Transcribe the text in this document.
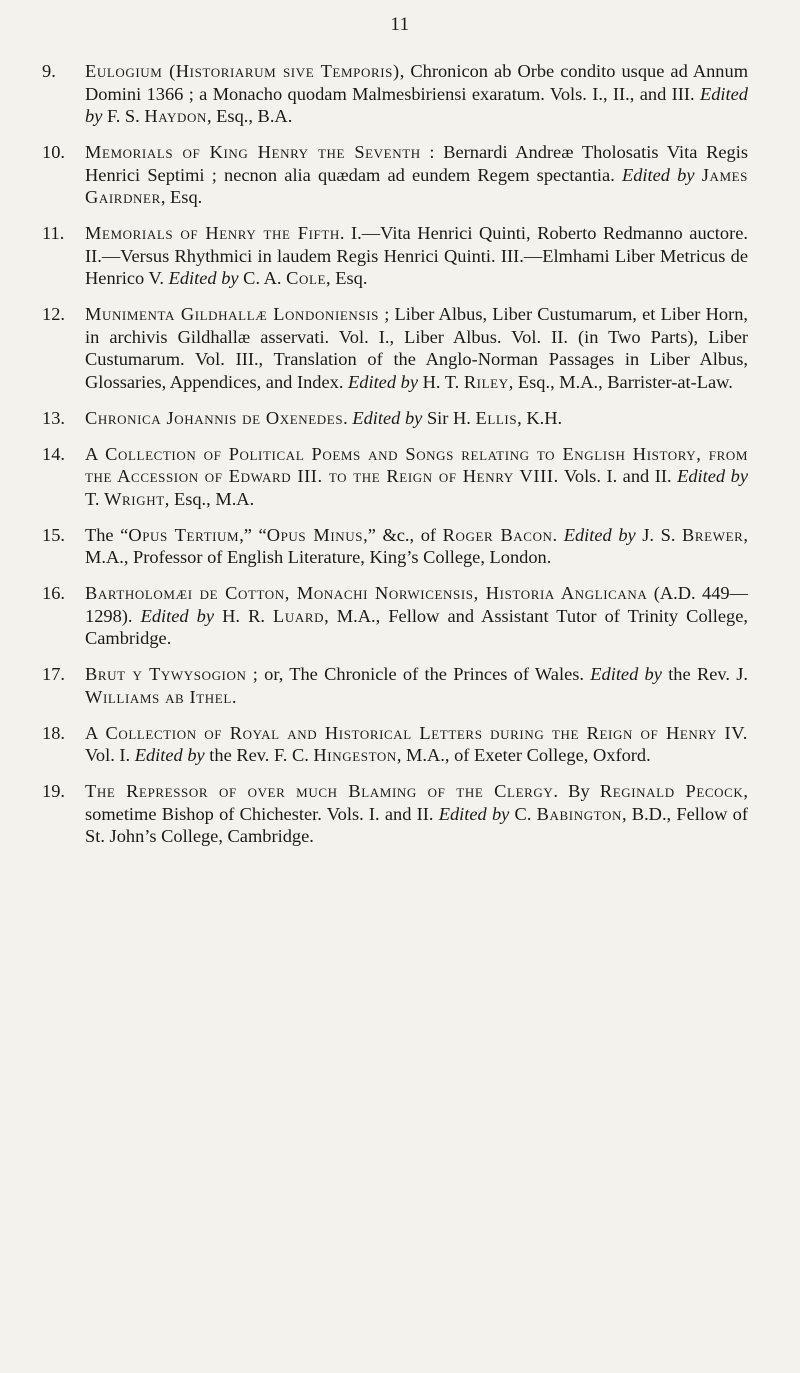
11
9.	Eulogium (Historiarum sive Temporis), Chronicon ab Orbe condito usque ad Annum Domini 1366 ; a Monacho quodam Malmesbiriensi exaratum. Vols. I., II., and III. Edited by F. S. Haydon, Esq., B.A.
10.	Memorials of King Henry the Seventh : Bernardi Andreæ Tholosatis Vita Regis Henrici Septimi ; necnon alia quædam ad eundem Regem spectantia. Edited by James Gairdner, Esq.
11.	Memorials of Henry the Fifth. I.—Vita Henrici Quinti, Roberto Redmanno auctore. II.—Versus Rhythmici in laudem Regis Henrici Quinti. III.—Elmhami Liber Metricus de Henrico V. Edited by C. A. Cole, Esq.
12.	Munimenta Gildhallæ Londoniensis ; Liber Albus, Liber Custumarum, et Liber Horn, in archivis Gildhallæ asservati. Vol. I., Liber Albus. Vol. II. (in Two Parts), Liber Custumarum. Vol. III., Translation of the Anglo-Norman Passages in Liber Albus, Glossaries, Appendices, and Index. Edited by H. T. Riley, Esq., M.A., Barrister-at-Law.
13.	Chronica Johannis de Oxenedes. Edited by Sir H. Ellis, K.H.
14.	A Collection of Political Poems and Songs relating to English History, from the Accession of Edward III. to the Reign of Henry VIII. Vols. I. and II. Edited by T. Wright, Esq., M.A.
15.	The “Opus Tertium,” “Opus Minus,” &c., of Roger Bacon. Edited by J. S. Brewer, M.A., Professor of English Literature, King’s College, London.
16.	Bartholomæi de Cotton, Monachi Norwicensis, Historia Anglicana (A.D. 449—1298). Edited by H. R. Luard, M.A., Fellow and Assistant Tutor of Trinity College, Cambridge.
17.	Brut y Tywysogion ; or, The Chronicle of the Princes of Wales. Edited by the Rev. J. Williams ab Ithel.
18.	A Collection of Royal and Historical Letters during the Reign of Henry IV. Vol. I. Edited by the Rev. F. C. Hingeston, M.A., of Exeter College, Oxford.
19.	The Repressor of over much Blaming of the Clergy. By Reginald Pecock, sometime Bishop of Chichester. Vols. I. and II. Edited by C. Babington, B.D., Fellow of St. John’s College, Cambridge.
